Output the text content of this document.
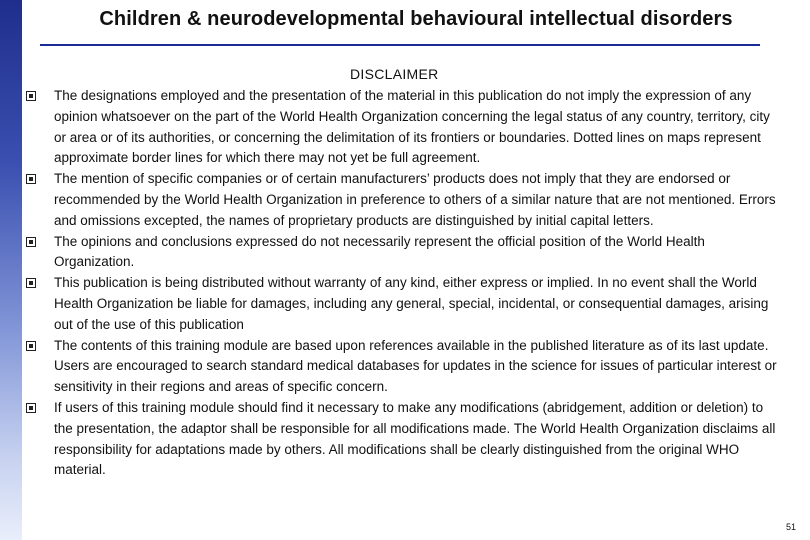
Children & neurodevelopmental behavioural intellectual disorders
DISCLAIMER
The designations employed and the presentation of the material in this publication do not imply the expression of any opinion whatsoever on the part of the World Health Organization concerning the legal status of any country, territory, city or area or of its authorities, or concerning the delimitation of its frontiers or boundaries. Dotted lines on maps represent approximate border lines for which there may not yet be full agreement.
The mention of specific companies or of certain manufacturers’ products does not imply that they are endorsed or recommended by the World Health Organization in preference to others of a similar nature that are not mentioned. Errors and omissions excepted, the names of proprietary products are distinguished by initial capital letters.
The opinions and conclusions expressed do not necessarily represent the official position of the World Health Organization.
This publication is being distributed without warranty of any kind, either express or implied. In no event shall the World Health Organization be liable for damages, including any general, special, incidental, or consequential damages, arising out of the use of this publication
The contents of this training module are based upon references available in the published literature as of its last update. Users are encouraged to search standard medical databases for updates in the science for issues of particular interest or sensitivity in their regions and areas of specific concern.
If users of this training module should find it necessary to make any modifications (abridgement, addition or deletion) to the presentation, the adaptor shall be responsible for all modifications made. The World Health Organization disclaims all responsibility for adaptations made by others. All modifications shall be clearly distinguished from the original WHO material.
51
